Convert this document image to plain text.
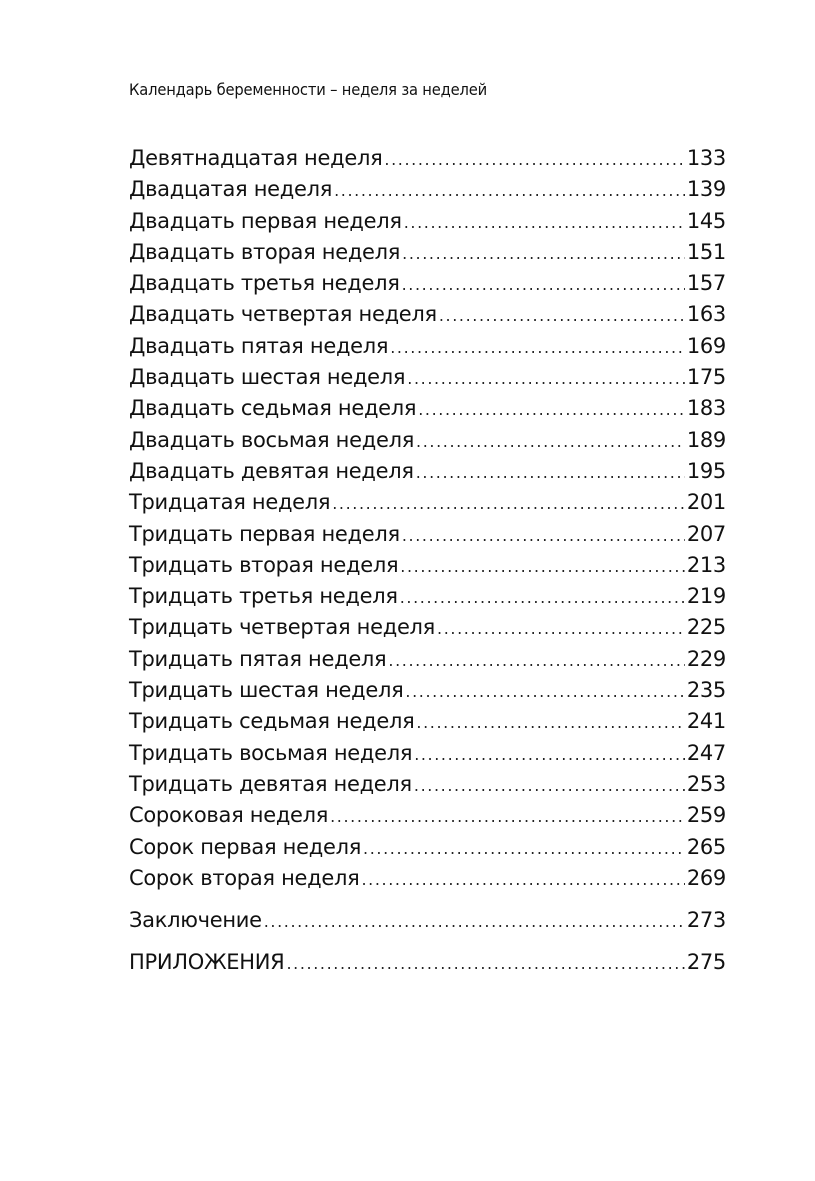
Календарь беременности – неделя за неделей
Девятнадцатая неделя .....	133
Двадцатая неделя .....	139
Двадцать первая неделя .....	145
Двадцать вторая неделя .....	151
Двадцать третья неделя .....	157
Двадцать четвертая неделя .....	163
Двадцать пятая неделя .....	169
Двадцать шестая неделя .....	175
Двадцать седьмая неделя .....	183
Двадцать восьмая неделя .....	189
Двадцать девятая неделя .....	195
Тридцатая неделя .....	201
Тридцать первая неделя .....	207
Тридцать вторая неделя .....	213
Тридцать третья неделя .....	219
Тридцать четвертая неделя .....	225
Тридцать пятая неделя .....	229
Тридцать шестая неделя .....	235
Тридцать седьмая неделя .....	241
Тридцать восьмая неделя .....	247
Тридцать девятая неделя .....	253
Сороковая неделя .....	259
Сорок первая неделя .....	265
Сорок вторая неделя .....	269
Заключение .....	273
ПРИЛОЖЕНИЯ .....	275
